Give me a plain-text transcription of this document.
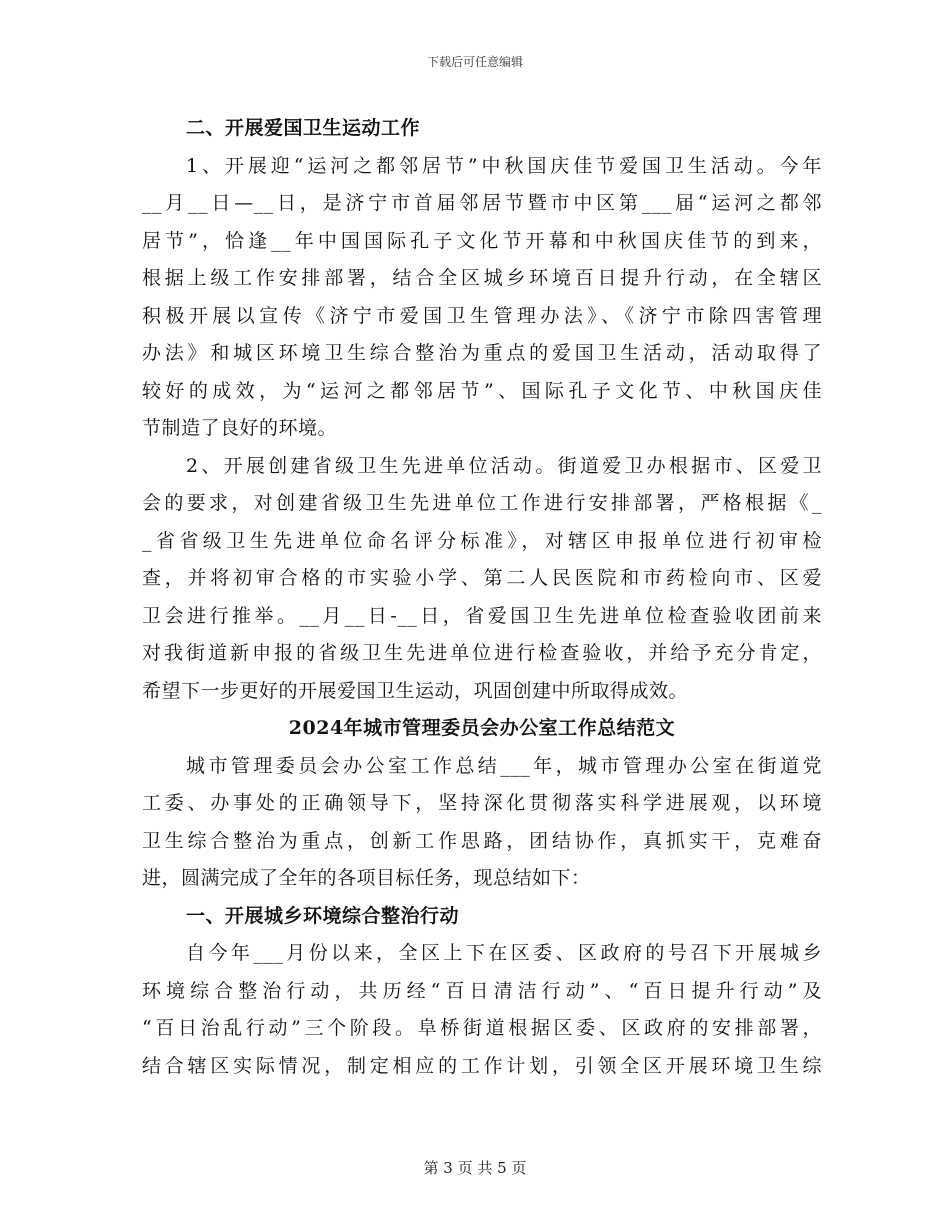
下载后可任意编辑
二、开展爱国卫生运动工作
1、开展迎“运河之都邻居节”中秋国庆佳节爱国卫生活动。今年
__月__日—__日，是济宁市首届邻居节暨市中区第___届“运河之都邻
居节”，恰逢__年中国国际孔子文化节开幕和中秋国庆佳节的到来，
根据上级工作安排部署，结合全区城乡环境百日提升行动，在全辖区
积极开展以宣传《济宁市爱国卫生管理办法》、《济宁市除四害管理
办法》和城区环境卫生综合整治为重点的爱国卫生活动，活动取得了
较好的成效，为“运河之都邻居节”、国际孔子文化节、中秋国庆佳
节制造了良好的环境。
2、开展创建省级卫生先进单位活动。街道爱卫办根据市、区爱卫
会的要求，对创建省级卫生先进单位工作进行安排部署，严格根据《_
_省省级卫生先进单位命名评分标准》，对辖区申报单位进行初审检
查，并将初审合格的市实验小学、第二人民医院和市药检向市、区爱
卫会进行推举。__月__日-__日，省爱国卫生先进单位检查验收团前来
对我街道新申报的省级卫生先进单位进行检查验收，并给予充分肯定，
希望下一步更好的开展爱国卫生运动，巩固创建中所取得成效。
2024年城市管理委员会办公室工作总结范文
城市管理委员会办公室工作总结___年，城市管理办公室在街道党
工委、办事处的正确领导下，坚持深化贯彻落实科学进展观，以环境
卫生综合整治为重点，创新工作思路，团结协作，真抓实干，克难奋
进，圆满完成了全年的各项目标任务，现总结如下：
一、开展城乡环境综合整治行动
自今年___月份以来，全区上下在区委、区政府的号召下开展城乡
环境综合整治行动，共历经“百日清洁行动”、“百日提升行动”及
“百日治乱行动”三个阶段。阜桥街道根据区委、区政府的安排部署，
结合辖区实际情况，制定相应的工作计划，引领全区开展环境卫生综
第 3 页 共 5 页
